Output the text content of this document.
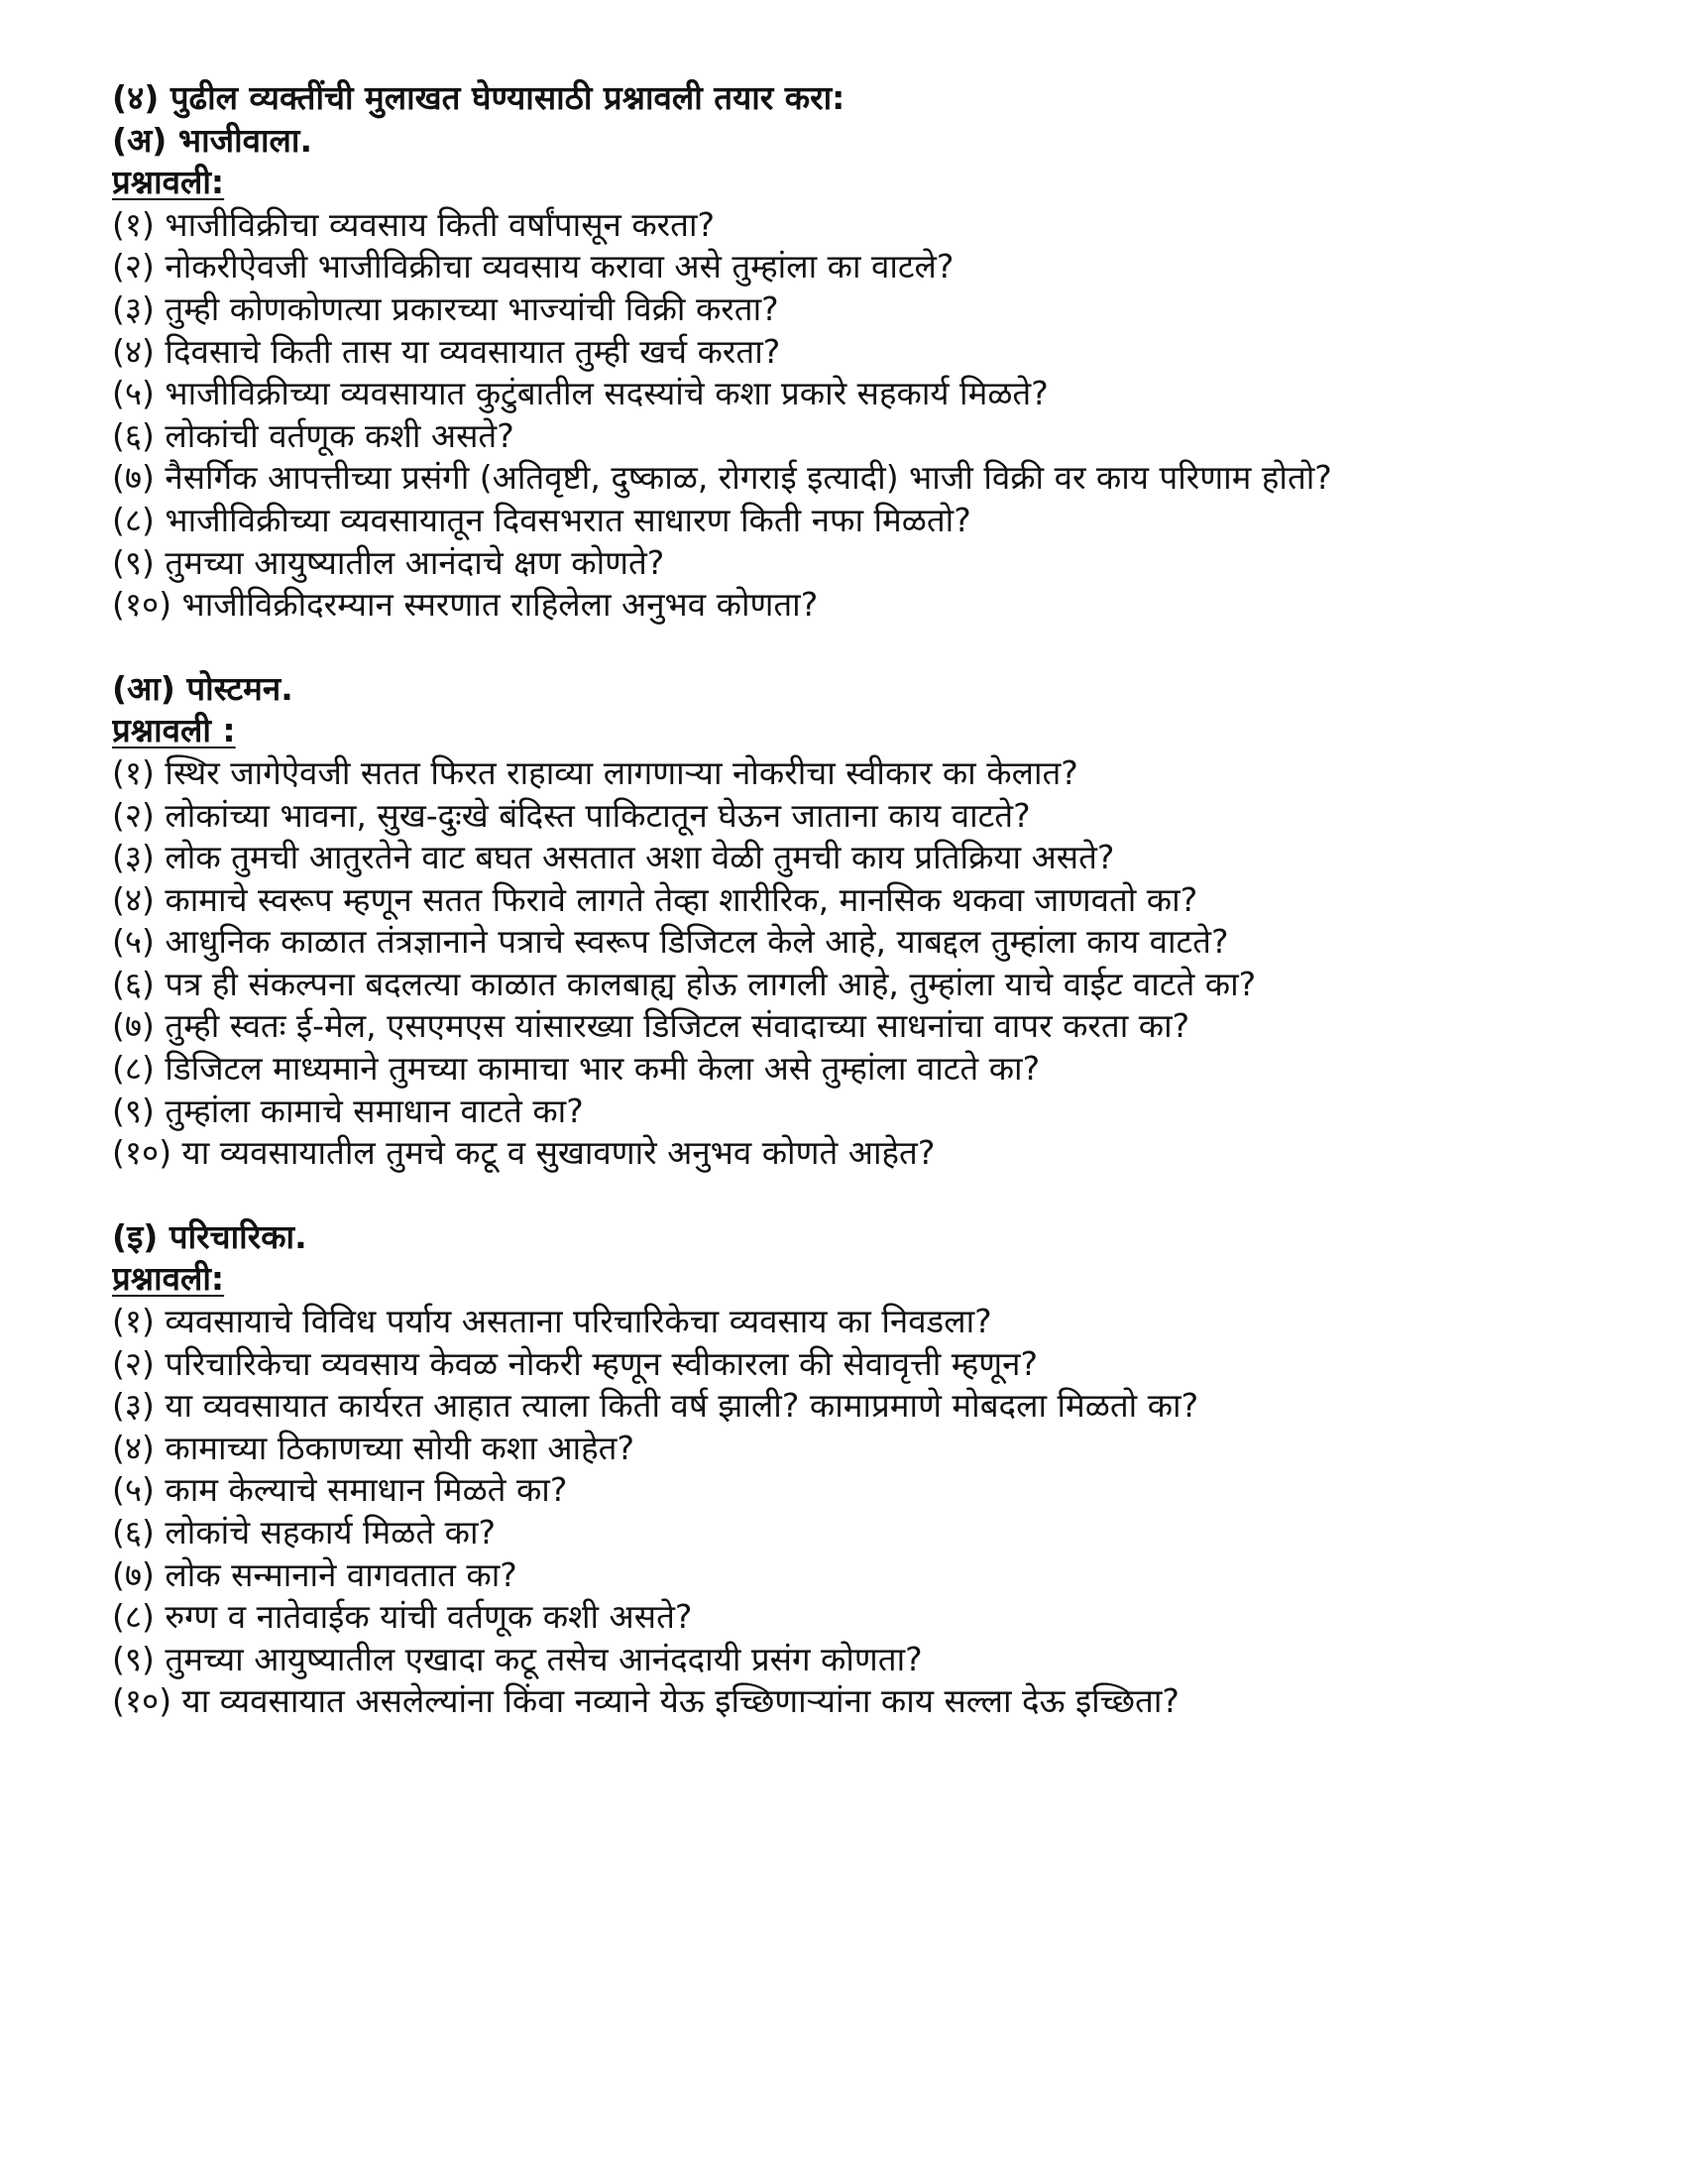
(४) पुढील व्यक्तींची मुलाखत घेण्यासाठी प्रश्नावली तयार करा:
(अ) भाजीवाला.
प्रश्नावली:
(१) भाजीविक्रीचा व्यवसाय किती वर्षांपासून करता?
(२) नोकरीऐवजी भाजीविक्रीचा व्यवसाय करावा असे तुम्हांला का वाटले?
(३) तुम्ही कोणकोणत्या प्रकारच्या भाज्यांची विक्री करता?
(४) दिवसाचे किती तास या व्यवसायात तुम्ही खर्च करता?
(५) भाजीविक्रीच्या व्यवसायात कुटुंबातील सदस्यांचे कशा प्रकारे सहकार्य मिळते?
(६) लोकांची वर्तणूक कशी असते?
(७) नैसर्गिक आपत्तीच्या प्रसंगी (अतिवृष्टी, दुष्काळ, रोगराई इत्यादी) भाजी विक्री वर काय परिणाम होतो?
(८) भाजीविक्रीच्या व्यवसायातून दिवसभरात साधारण किती नफा मिळतो?
(९) तुमच्या आयुष्यातील आनंदाचे क्षण कोणते?
(१०) भाजीविक्रीदरम्यान स्मरणात राहिलेला अनुभव कोणता?
(आ) पोस्टमन.
प्रश्नावली :
(१) स्थिर जागेऐवजी सतत फिरत राहाव्या लागणाऱ्या नोकरीचा स्वीकार का केलात?
(२) लोकांच्या भावना, सुख-दुःखे बंदिस्त पाकिटातून घेऊन जाताना काय वाटते?
(३) लोक तुमची आतुरतेने वाट बघत असतात अशा वेळी तुमची काय प्रतिक्रिया असते?
(४) कामाचे स्वरूप म्हणून सतत फिरावे लागते तेव्हा शारीरिक, मानसिक थकवा जाणवतो का?
(५) आधुनिक काळात तंत्रज्ञानाने पत्राचे स्वरूप डिजिटल केले आहे, याबद्दल तुम्हांला काय वाटते?
(६) पत्र ही संकल्पना बदलत्या काळात कालबाह्य होऊ लागली आहे, तुम्हांला याचे वाईट वाटते का?
(७) तुम्ही स्वतः ई-मेल, एसएमएस यांसारख्या डिजिटल संवादाच्या साधनांचा वापर करता का?
(८) डिजिटल माध्यमाने तुमच्या कामाचा भार कमी केला असे तुम्हांला वाटते का?
(९) तुम्हांला कामाचे समाधान वाटते का?
(१०) या व्यवसायातील तुमचे कटू व सुखावणारे अनुभव कोणते आहेत?
(इ) परिचारिका.
प्रश्नावली:
(१) व्यवसायाचे विविध पर्याय असताना परिचारिकेचा व्यवसाय का निवडला?
(२) परिचारिकेचा व्यवसाय केवळ नोकरी म्हणून स्वीकारला की सेवावृत्ती म्हणून?
(३) या व्यवसायात कार्यरत आहात त्याला किती वर्ष झाली? कामाप्रमाणे मोबदला मिळतो का?
(४) कामाच्या ठिकाणच्या सोयी कशा आहेत?
(५) काम केल्याचे समाधान मिळते का?
(६) लोकांचे सहकार्य मिळते का?
(७) लोक सन्मानाने वागवतात का?
(८) रुग्ण व नातेवाईक यांची वर्तणूक कशी असते?
(९) तुमच्या आयुष्यातील एखादा कटू तसेच आनंददायी प्रसंग कोणता?
(१०) या व्यवसायात असलेल्यांना किंवा नव्याने येऊ इच्छिणाऱ्यांना काय सल्ला देऊ इच्छिता?
